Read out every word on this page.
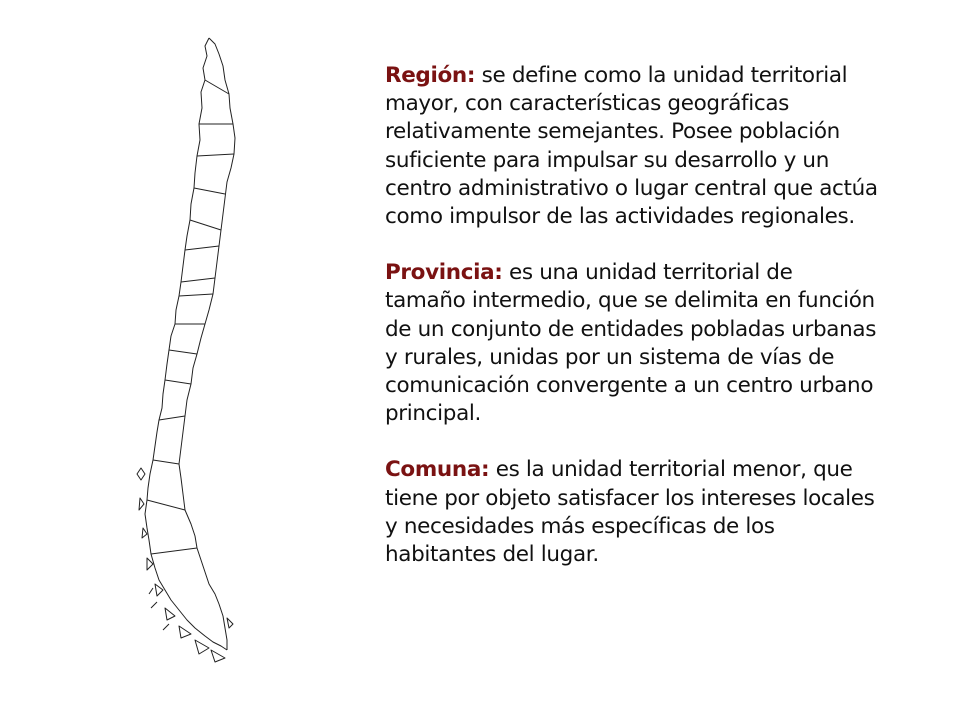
Región: se define como la unidad territorial
mayor, con características geográficas
relativamente semejantes. Posee población
suficiente para impulsar su desarrollo y un
centro administrativo o lugar central que actúa
como impulsor de las actividades regionales.
Provincia: es una unidad territorial de
tamaño intermedio, que se delimita en función
de un conjunto de entidades pobladas urbanas
y rurales, unidas por un sistema de vías de
comunicación convergente a un centro urbano
principal.
Comuna: es la unidad territorial menor, que
tiene por objeto satisfacer los intereses locales
y necesidades más específicas de los
habitantes del lugar.
